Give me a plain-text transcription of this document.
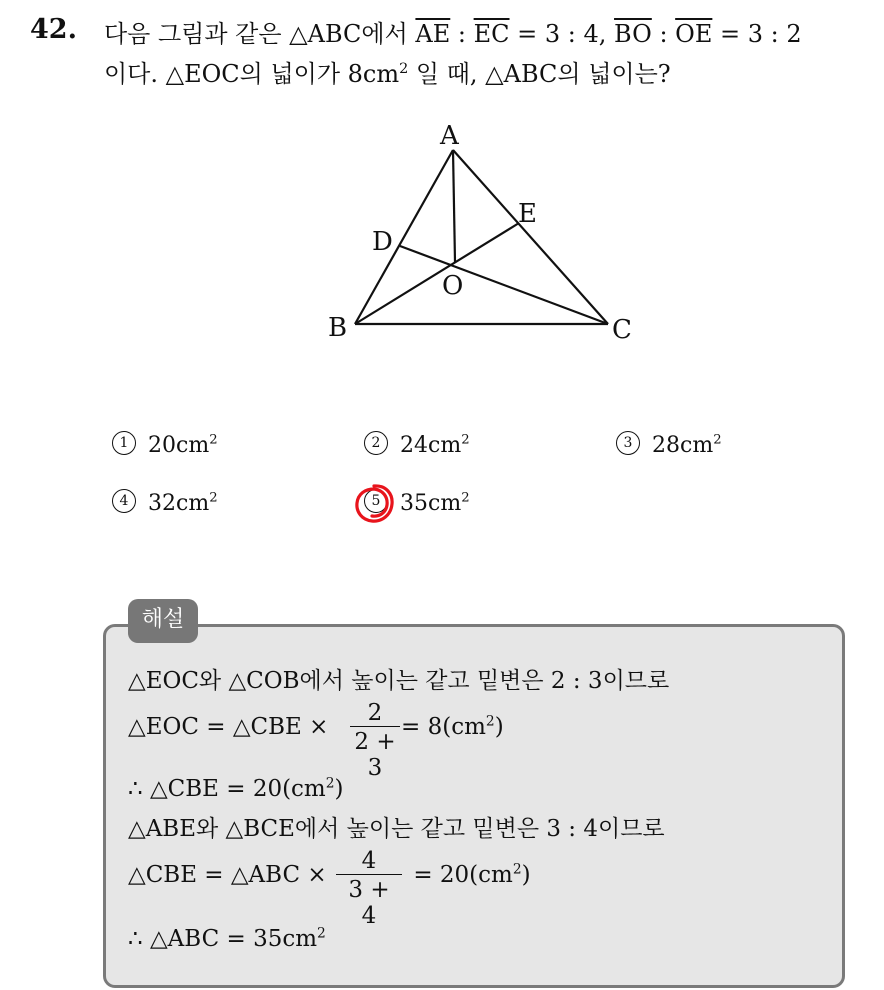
42. 다음 그림과 같은 △ABC에서 $\overline{AE}$ : $\overline{EC} = 3$ : 4, $\overline{BO}$ : $\overline{OE} = 3$ : 2
이다. △EOC의 넓이가 $8cm^2$ 일 때, △ABC의 넓이는?
A
B	C
D
E
O
1 $20cm^2$	2 $24cm^2$	3 $28cm^2$
4 $32cm^2$	5 $35cm^2$
해설
△EOC와 △COB에서 높이는 같고 밑변은 2 : 3이므로
△EOC = △CBE ×	= $8(cm^2)$
$\frac{2}{2 + 3}$
∴ △CBE = $20(cm^2)$
△ABE와 △BCE에서 높이는 같고 밑변은 3 : 4이므로
△CBE = △ABC ×	= $20(cm^2)$
$\frac{4}{3 + 4}$
∴ △ABC = $35cm^2$
